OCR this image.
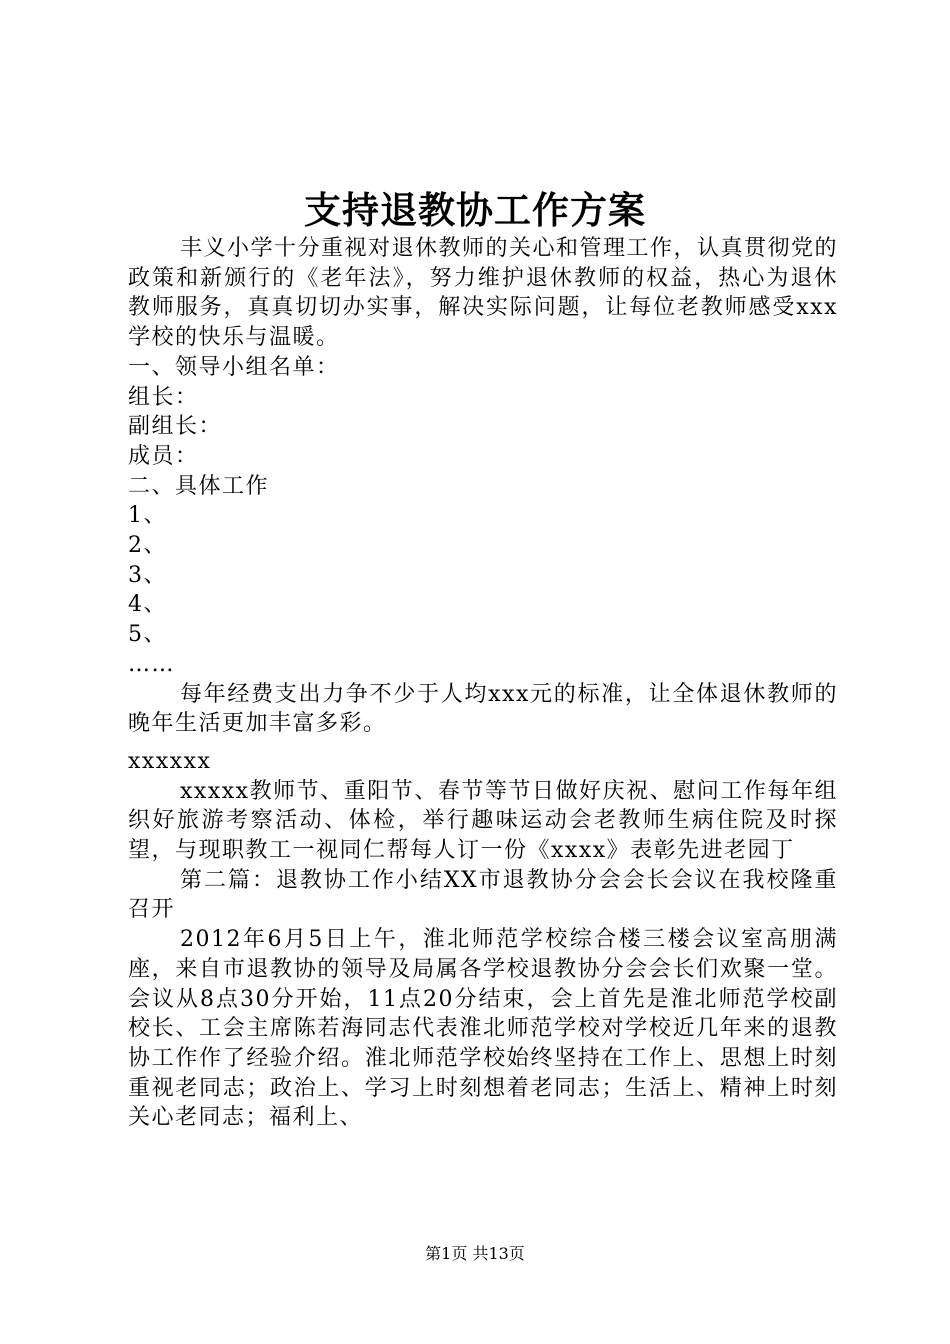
支持退教协工作方案

丰义小学十分重视对退休教师的关心和管理工作，认真贯彻党的政策和新颁行的《老年法》，努力维护退休教师的权益，热心为退休教师服务，真真切切办实事，解决实际问题，让每位老教师感受xxx学校的快乐与温暖。

一、领导小组名单：

组长：

副组长：

成员：

二、具体工作

1、

2、

3、

4、

5、

……

每年经费支出力争不少于人均xxx元的标准，让全体退休教师的晚年生活更加丰富多彩。

xxxxxx

xxxxx教师节、重阳节、春节等节日做好庆祝、慰问工作每年组织好旅游考察活动、体检，举行趣味运动会老教师生病住院及时探望，与现职教工一视同仁帮每人订一份《xxxx》表彰先进老园丁

第二篇：退教协工作小结XX市退教协分会会长会议在我校隆重召开

2012年6月5日上午，淮北师范学校综合楼三楼会议室高朋满座，来自市退教协的领导及局属各学校退教协分会会长们欢聚一堂。会议从8点30分开始，11点20分结束，会上首先是淮北师范学校副校长、工会主席陈若海同志代表淮北师范学校对学校近几年来的退教协工作作了经验介绍。淮北师范学校始终坚持在工作上、思想上时刻重视老同志；政治上、学习上时刻想着老同志；生活上、精神上时刻关心老同志；福利上、

第1页 共13页
